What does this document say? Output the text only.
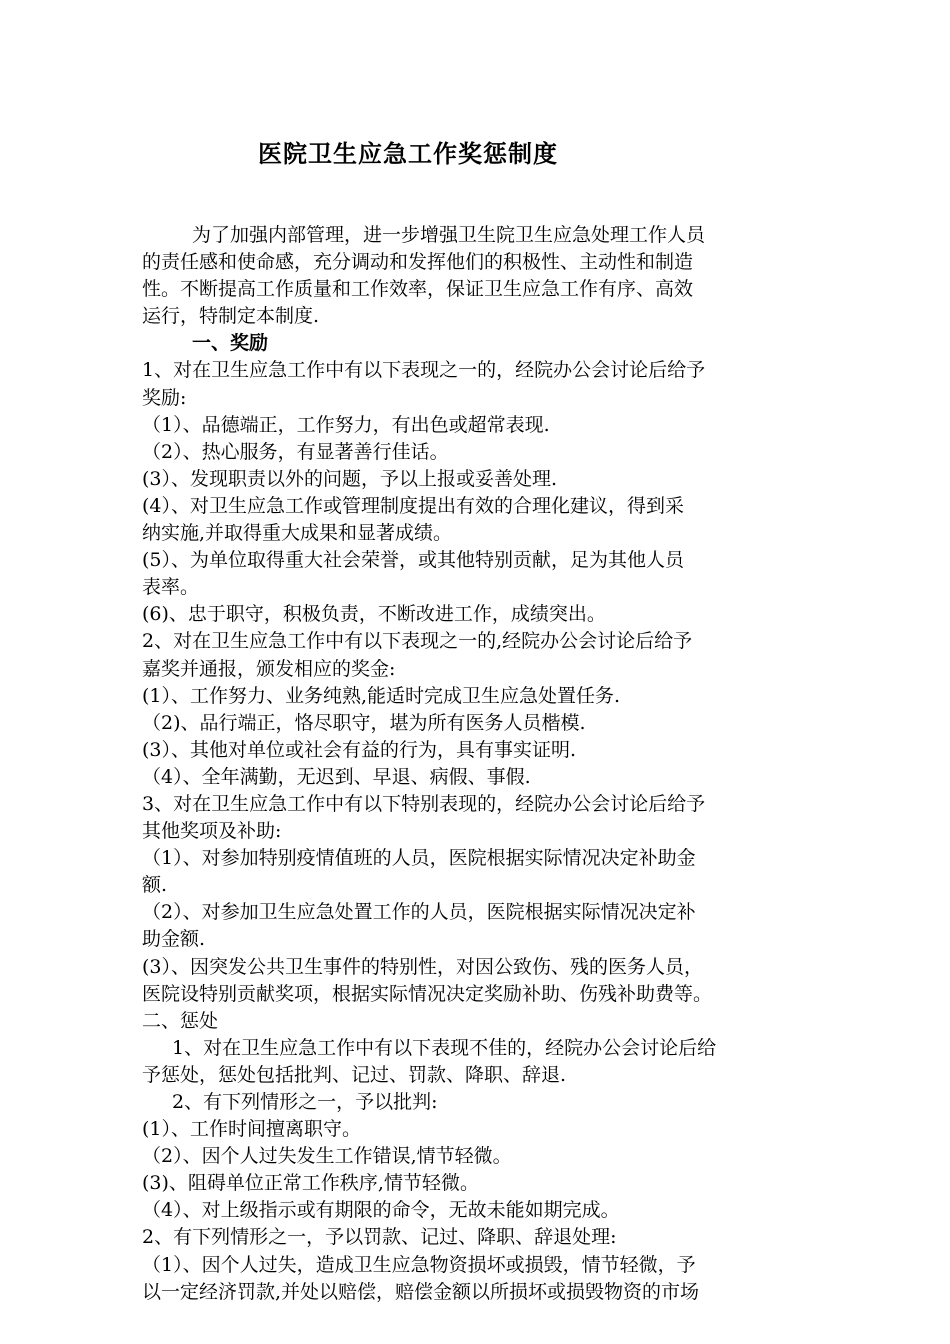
医院卫生应急工作奖惩制度
为了加强内部管理，进一步增强卫生院卫生应急处理工作人员
的责任感和使命感，充分调动和发挥他们的积极性、主动性和制造
性。不断提高工作质量和工作效率，保证卫生应急工作有序、高效
运行，特制定本制度.
一、奖励
1、对在卫生应急工作中有以下表现之一的，经院办公会讨论后给予
奖励:
（1）、品德端正，工作努力，有出色或超常表现.
（2）、热心服务，有显著善行佳话。
(3）、发现职责以外的问题，予以上报或妥善处理.
(4）、对卫生应急工作或管理制度提出有效的合理化建议，得到采
纳实施,并取得重大成果和显著成绩。
(5）、为单位取得重大社会荣誉，或其他特别贡献，足为其他人员
表率。
(6)、忠于职守，积极负责，不断改进工作，成绩突出。
2、对在卫生应急工作中有以下表现之一的,经院办公会讨论后给予
嘉奖并通报，颁发相应的奖金:
(1）、工作努力、业务纯熟,能适时完成卫生应急处置任务.
（2)、品行端正，恪尽职守，堪为所有医务人员楷模.
(3）、其他对单位或社会有益的行为，具有事实证明.
（4）、全年满勤，无迟到、早退、病假、事假.
3、对在卫生应急工作中有以下特别表现的，经院办公会讨论后给予
其他奖项及补助:
（1）、对参加特别疫情值班的人员，医院根据实际情况决定补助金
额.
（2）、对参加卫生应急处置工作的人员，医院根据实际情况决定补
助金额.
(3）、因突发公共卫生事件的特别性，对因公致伤、残的医务人员，
医院设特别贡献奖项，根据实际情况决定奖励补助、伤残补助费等。
二、惩处
1、对在卫生应急工作中有以下表现不佳的，经院办公会讨论后给
予惩处，惩处包括批判、记过、罚款、降职、辞退.
2、有下列情形之一，予以批判:
(1）、工作时间擅离职守。
（2）、因个人过失发生工作错误,情节轻微。
(3)、阻碍单位正常工作秩序,情节轻微。
（4）、对上级指示或有期限的命令，无故未能如期完成。
2、有下列情形之一，予以罚款、记过、降职、辞退处理:
（1）、因个人过失，造成卫生应急物资损坏或损毁，情节轻微，予
以一定经济罚款,并处以赔偿，赔偿金额以所损坏或损毁物资的市场
